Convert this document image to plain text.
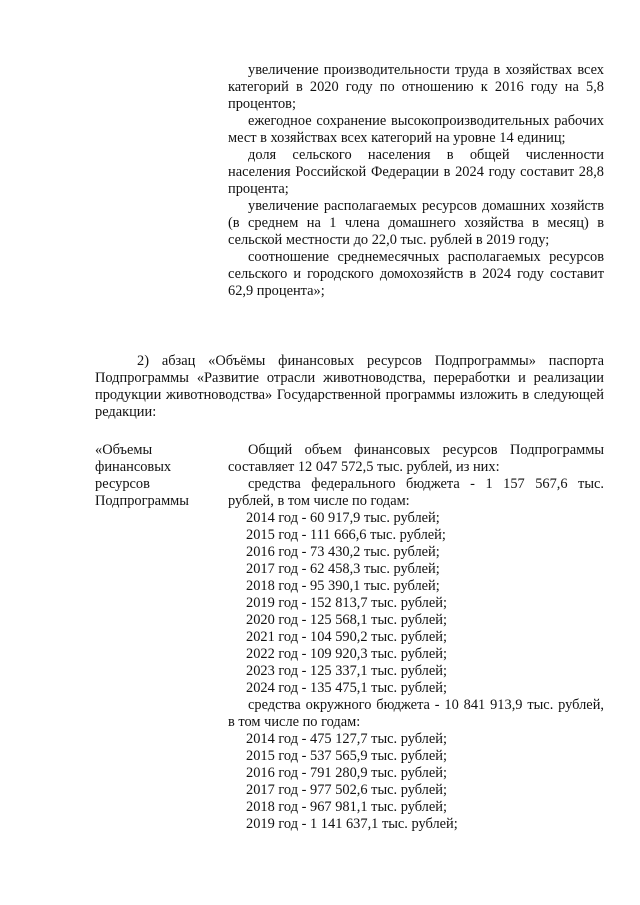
увеличение производительности труда в хозяйствах всех категорий в 2020 году по отношению к 2016 году на 5,8 процентов;

ежегодное сохранение высокопроизводительных рабочих мест в хозяйствах всех категорий на уровне 14 единиц;

доля сельского населения в общей численности населения Российской Федерации в 2024 году составит 28,8 процента;

увеличение располагаемых ресурсов домашних хозяйств (в среднем на 1 члена домашнего хозяйства в месяц) в сельской местности до 22,0 тыс. рублей в 2019 году;

соотношение среднемесячных располагаемых ресурсов сельского и городского домохозяйств в 2024 году составит 62,9 процента»;

2) абзац «Объёмы финансовых ресурсов Подпрограммы» паспорта Подпрограммы «Развитие отрасли животноводства, переработки и реализации продукции животноводства» Государственной программы изложить в следующей редакции:

«Объемы
финансовых
ресурсов
Подпрограммы

Общий объем финансовых ресурсов Подпрограммы составляет 12 047 572,5 тыс. рублей, из них:

средства федерального бюджета - 1 157 567,6 тыс. рублей, в том числе по годам:

2014 год - 60 917,9 тыс. рублей;

2015 год - 111 666,6 тыс. рублей;

2016 год - 73 430,2 тыс. рублей;

2017 год - 62 458,3 тыс. рублей;

2018 год - 95 390,1 тыс. рублей;

2019 год - 152 813,7 тыс. рублей;

2020 год - 125 568,1 тыс. рублей;

2021 год - 104 590,2 тыс. рублей;

2022 год - 109 920,3 тыс. рублей;

2023 год - 125 337,1 тыс. рублей;

2024 год - 135 475,1 тыс. рублей;

средства окружного бюджета - 10 841 913,9 тыс. рублей, в том числе по годам:

2014 год - 475 127,7 тыс. рублей;

2015 год - 537 565,9 тыс. рублей;

2016 год - 791 280,9 тыс. рублей;

2017 год - 977 502,6 тыс. рублей;

2018 год - 967 981,1 тыс. рублей;

2019 год - 1 141 637,1 тыс. рублей;
